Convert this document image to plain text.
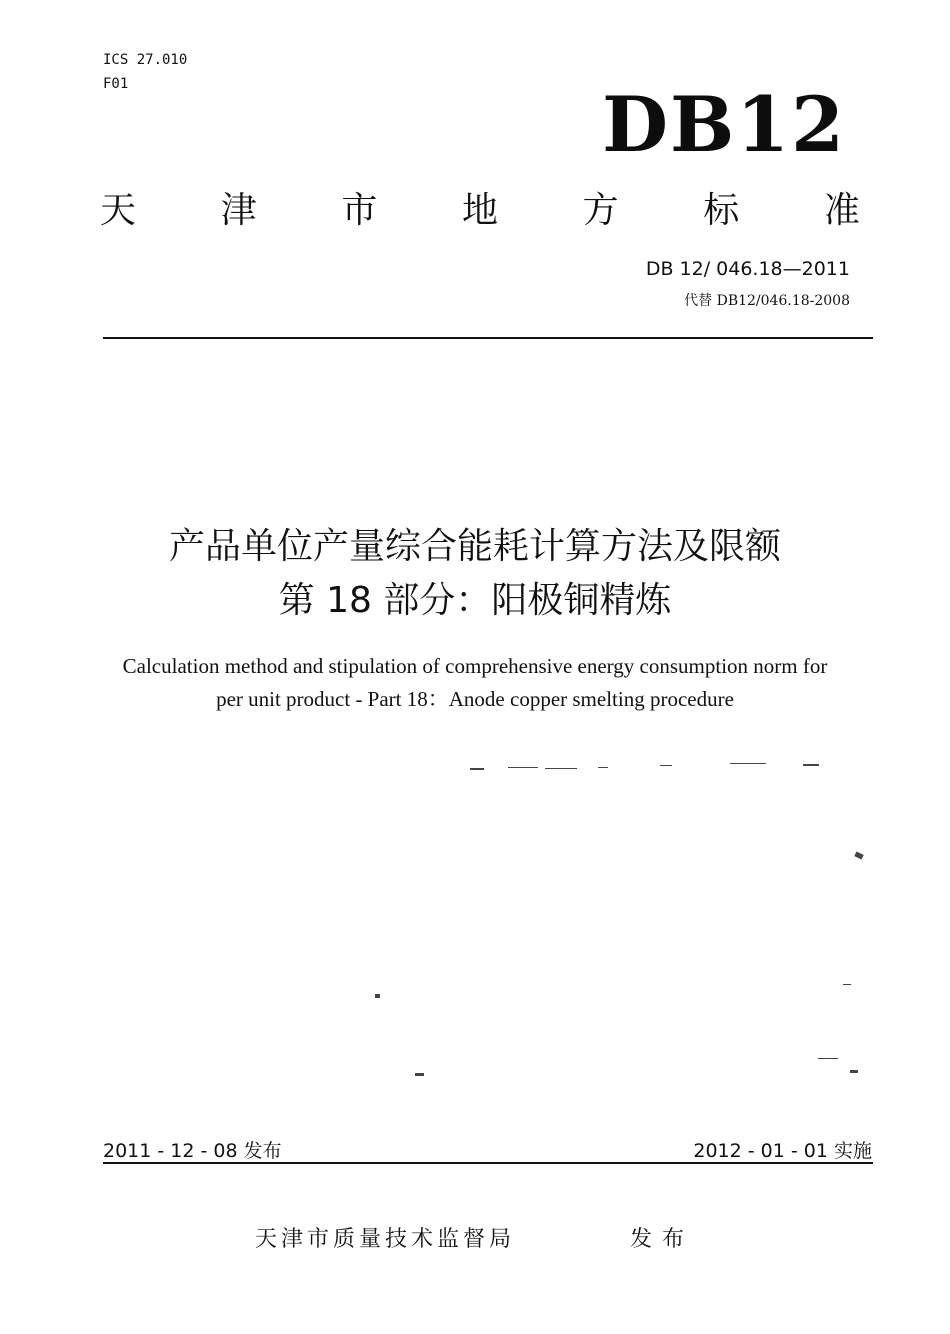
ICS 27.010
F01	DB12
天 津 市 地 方 标 准
DB 12/ 046.18—2011
代替 DB12/046.18-2008
产品单位产量综合能耗计算方法及限额
第 18 部分：阳极铜精炼
Calculation method and stipulation of comprehensive energy consumption norm for
per unit product - Part 18：Anode copper smelting procedure
2011 - 12 - 08 发布	2012 - 01 - 01 实施
天津市质量技术监督局	发布
